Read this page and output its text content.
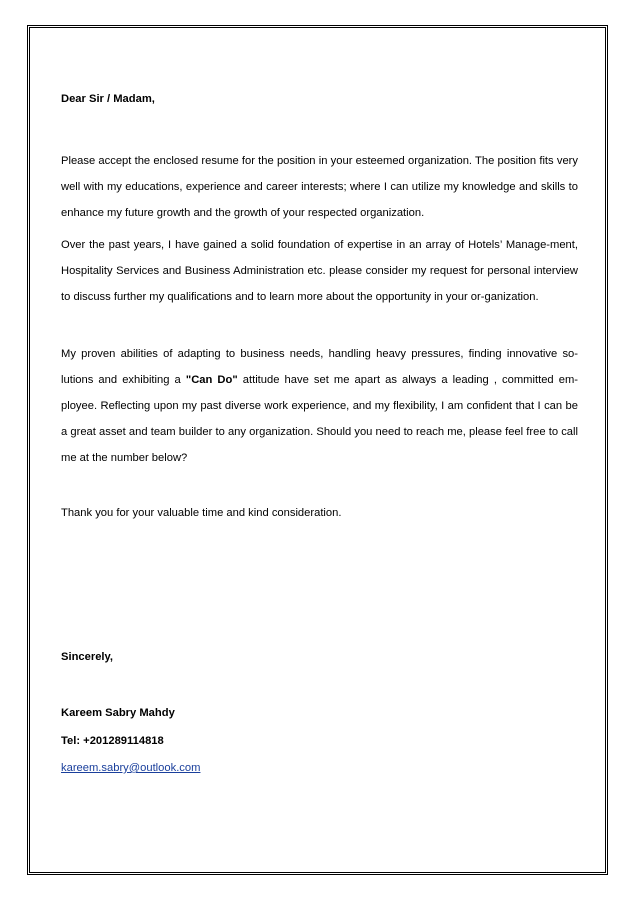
Dear Sir / Madam,
Please accept the enclosed resume for the position in your esteemed organization. The position fits very well with my educations, experience and career interests; where I can utilize my knowledge and skills to enhance my future growth and the growth of your respected organization.
Over the past years, I have gained a solid foundation of expertise in an array of Hotels’ Manage-ment, Hospitality Services and Business Administration etc. please consider my request for personal interview to discuss further my qualifications and to learn more about the opportunity in your or-ganization.
My proven abilities of adapting to business needs, handling heavy pressures, finding innovative so-lutions and exhibiting a "Can Do" attitude have set me apart as always a leading , committed em-ployee. Reflecting upon my past diverse work experience, and my flexibility, I am confident that I can be a great asset and team builder to any organization. Should you need to reach me, please feel free to call me at the number below?
Thank you for your valuable time and kind consideration.
Sincerely,
Kareem Sabry Mahdy
Tel: +201289114818
kareem.sabry@outlook.com
